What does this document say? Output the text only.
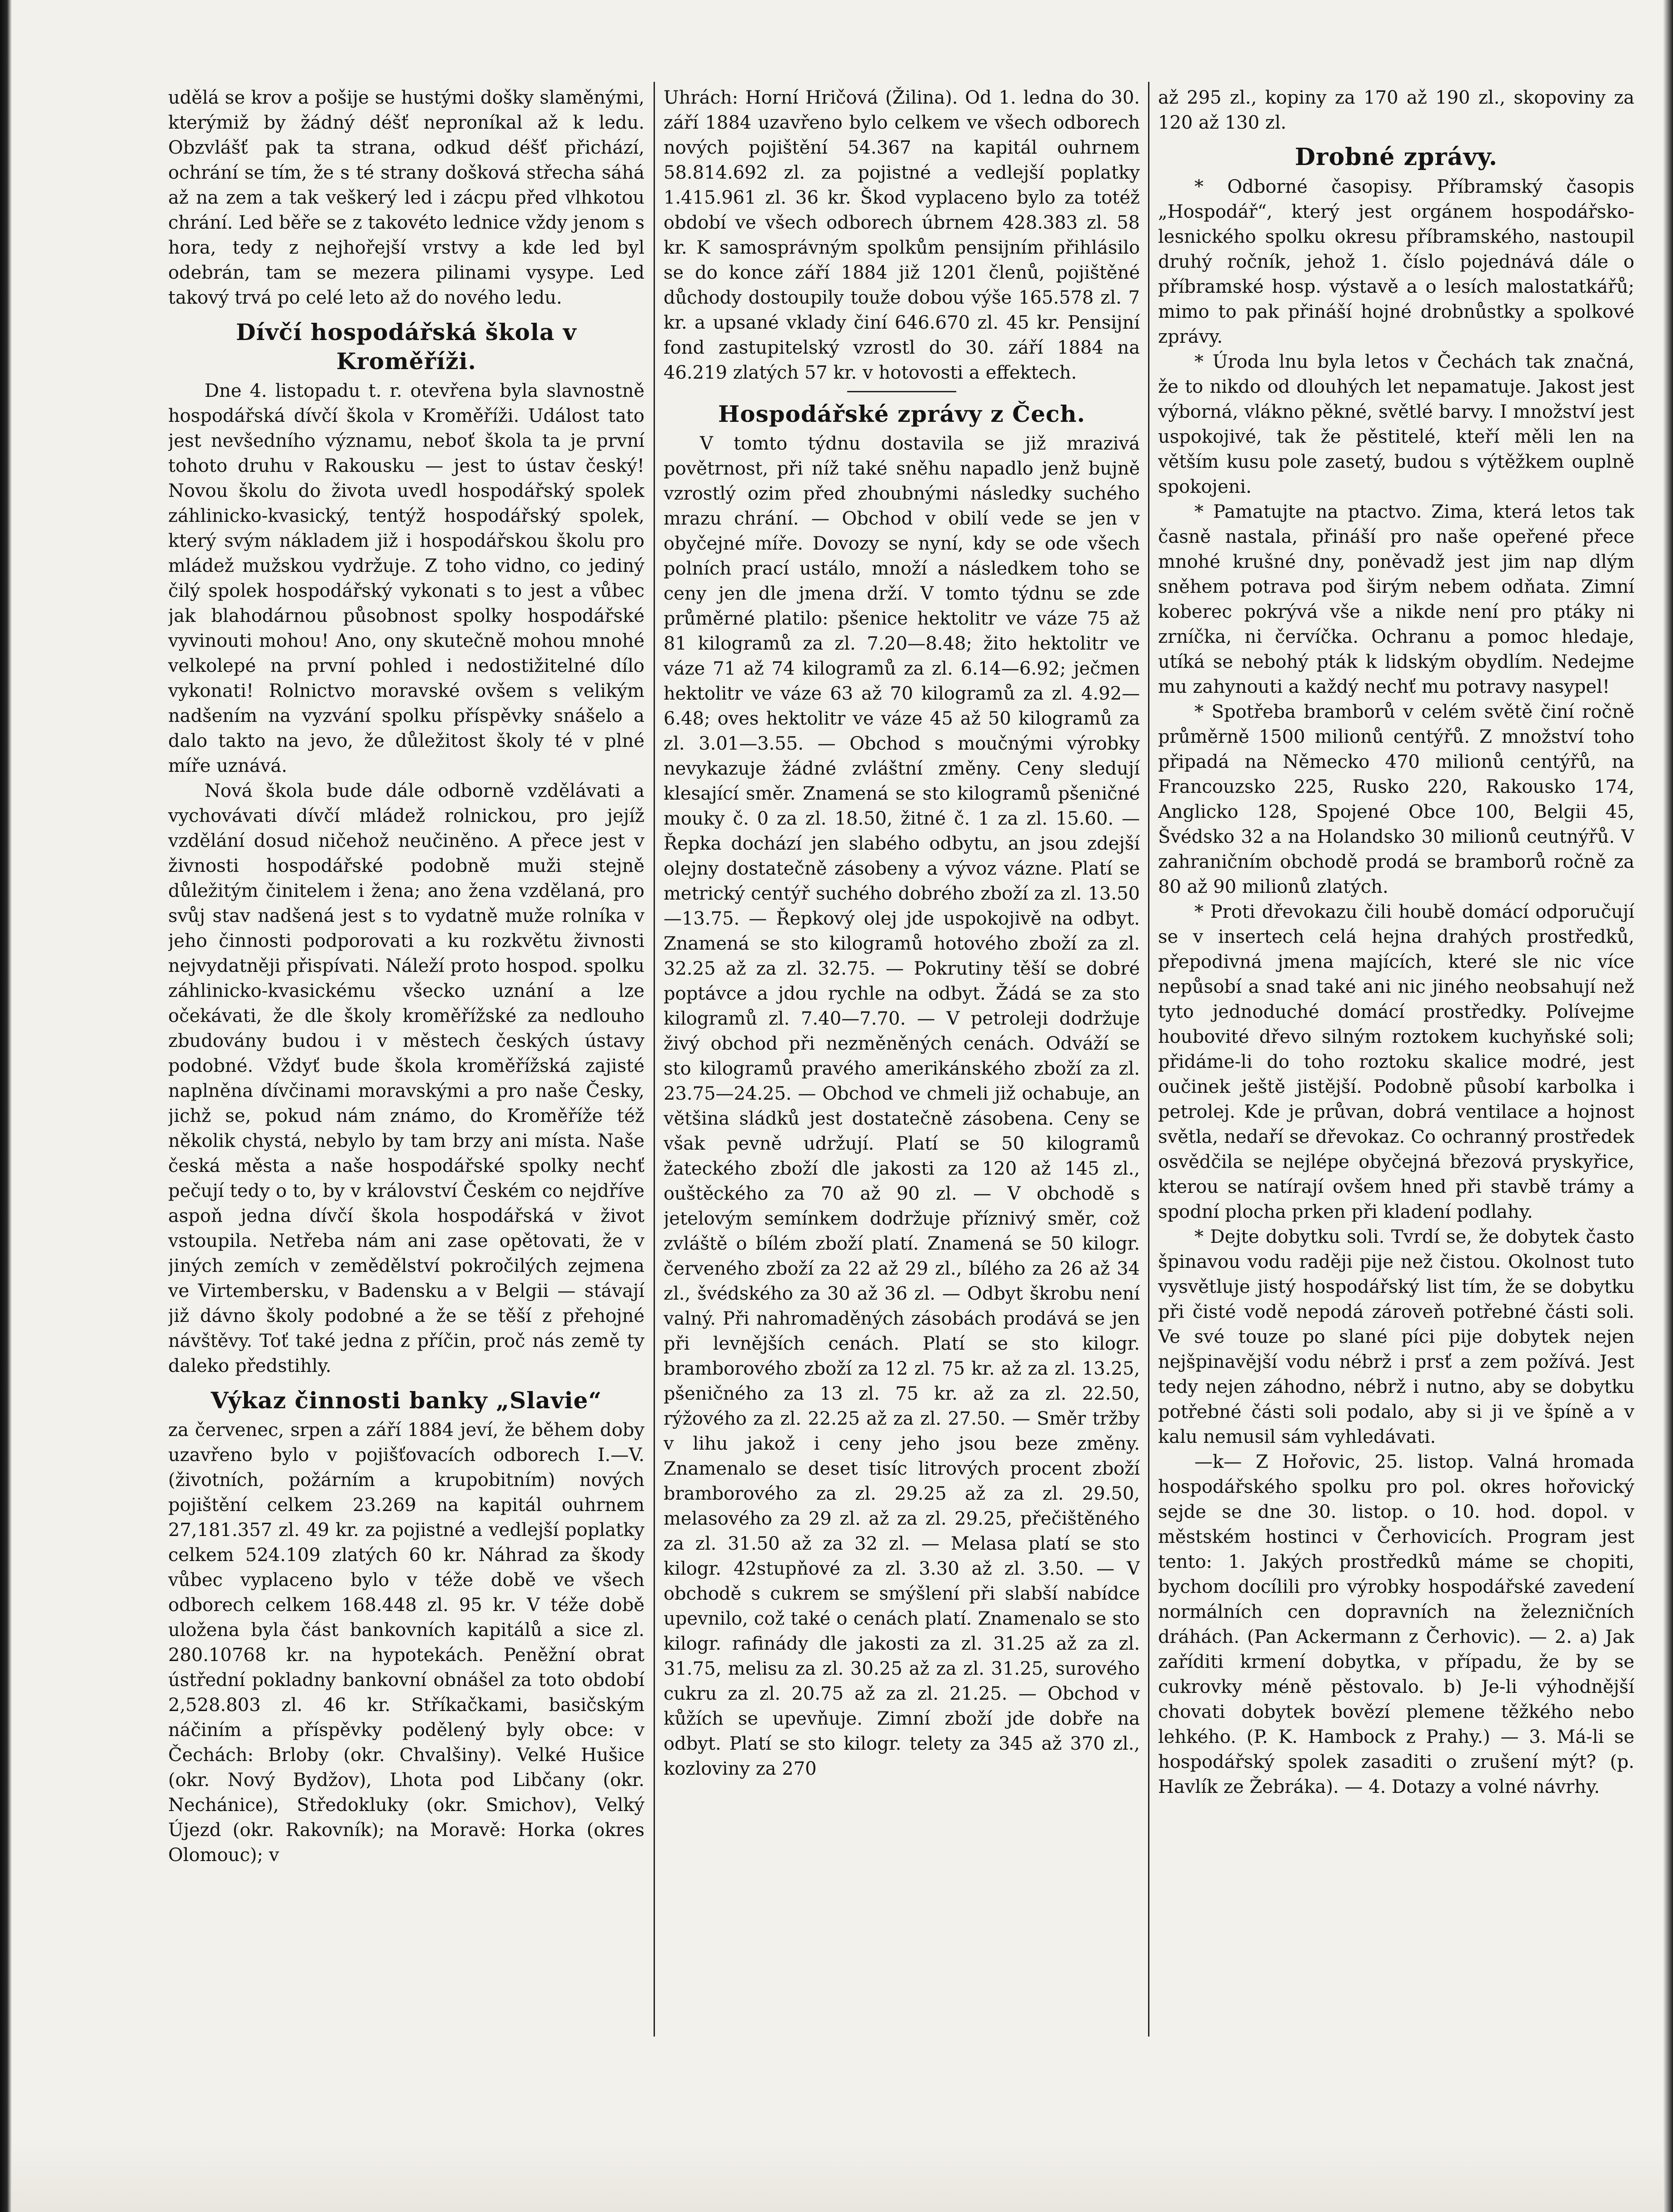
udělá se krov a pošije se hustými došky slaměnými, kterýmiž by žádný déšť neproníkal až k ledu. Obzvlášť pak ta strana, odkud déšť přichází, ochrání se tím, že s té strany došková střecha sáhá až na zem a tak veškerý led i zácpu před vlhkotou chrání. Led běře se z takovéto lednice vždy jenom s hora, tedy z nejhořejší vrstvy a kde led byl odebrán, tam se mezera pilinami vysype. Led takový trvá po celé leto až do nového ledu.

Dívčí hospodářská škola v Kroměříži.

Dne 4. listopadu t. r. otevřena byla slavnostně hospodářská dívčí škola v Kroměříži. Událost tato jest nevšedního významu, neboť škola ta je první tohoto druhu v Rakousku — jest to ústav český! Novou školu do života uvedl hospodářský spolek záhlinicko-kvasický, tentýž hospodářský spolek, který svým nákladem již i hospodářskou školu pro mládež mužskou vydržuje. Z toho vidno, co jediný čilý spolek hospodářský vykonati s to jest a vůbec jak blahodárnou působnost spolky hospodářské vyvinouti mohou! Ano, ony skutečně mohou mnohé velkolepé na první pohled i nedostižitelné dílo vykonati! Rolnictvo moravské ovšem s velikým nadšením na vyzvání spolku příspěvky snášelo a dalo takto na jevo, že důležitost školy té v plné míře uznává.

Nová škola bude dále odborně vzdělávati a vychovávati dívčí mládež rolnickou, pro jejíž vzdělání dosud ničehož neučiněno. A přece jest v živnosti hospodářské podobně muži stejně důležitým činitelem i žena; ano žena vzdělaná, pro svůj stav nadšená jest s to vydatně muže rolníka v jeho činnosti podporovati a ku rozkvětu živnosti nejvydatněji přispívati. Náleží proto hospod. spolku záhlinicko-kvasickému všecko uznání a lze očekávati, že dle školy kroměřížské za nedlouho zbudovány budou i v městech českých ústavy podobné. Vždyť bude škola kroměřížská zajisté naplněna dívčinami moravskými a pro naše Česky, jichž se, pokud nám známo, do Kroměříže též několik chystá, nebylo by tam brzy ani místa. Naše česká města a naše hospodářské spolky nechť pečují tedy o to, by v království Českém co nejdříve aspoň jedna dívčí škola hospodářská v život vstoupila. Netřeba nám ani zase opětovati, že v jiných zemích v zemědělství pokročilých zejmena ve Virtembersku, v Badensku a v Belgii — stávají již dávno školy podobné a že se těší z přehojné návštěvy. Toť také jedna z příčin, proč nás země ty daleko předstihly.

Výkaz činnosti banky „Slavie“

za červenec, srpen a září 1884 jeví, že během doby uzavřeno bylo v pojišťovacích odborech I.—V. (životních, požárním a krupobitním) nových pojištění celkem 23.269 na kapitál ouhrnem 27,181.357 zl. 49 kr. za pojistné a vedlejší poplatky celkem 524.109 zlatých 60 kr. Náhrad za škody vůbec vyplaceno bylo v téže době ve všech odborech celkem 168.448 zl. 95 kr. V téže době uložena byla část bankovních kapitálů a sice zl. 280.10768 kr. na hypotekách. Peněžní obrat ústřední pokladny bankovní obnášel za toto období 2,528.803 zl. 46 kr. Stříkačkami, basičským náčiním a příspěvky podělený byly obce: v Čechách: Brloby (okr. Chvalšiny). Velké Hušice (okr. Nový Bydžov), Lhota pod Libčany (okr. Nechánice), Středokluky (okr. Smichov), Velký Újezd (okr. Rakovník); na Moravě: Horka (okres Olomouc); v

Uhrách: Horní Hričová (Žilina). Od 1. ledna do 30. září 1884 uzavřeno bylo celkem ve všech odborech nových pojištění 54.367 na kapitál ouhrnem 58.814.692 zl. za pojistné a vedlejší poplatky 1.415.961 zl. 36 kr. Škod vyplaceno bylo za totéž období ve všech odborech úbrnem 428.383 zl. 58 kr. K samosprávným spolkům pensijním přihlásilo se do konce září 1884 již 1201 členů, pojištěné důchody dostoupily touže dobou výše 165.578 zl. 7 kr. a upsané vklady činí 646.670 zl. 45 kr. Pensijní fond zastupitelský vzrostl do 30. září 1884 na 46.219 zlatých 57 kr. v hotovosti a effektech.

Hospodářské zprávy z Čech.

V tomto týdnu dostavila se již mrazivá povětrnost, při níž také sněhu napadlo jenž bujně vzrostlý ozim před zhoubnými následky suchého mrazu chrání. — Obchod v obilí vede se jen v obyčejné míře. Dovozy se nyní, kdy se ode všech polních prací ustálo, množí a následkem toho se ceny jen dle jmena drží. V tomto týdnu se zde průměrné platilo: pšenice hektolitr ve váze 75 až 81 kilogramů za zl. 7.20—8.48; žito hektolitr ve váze 71 až 74 kilogramů za zl. 6.14—6.92; ječmen hektolitr ve váze 63 až 70 kilogramů za zl. 4.92—6.48; oves hektolitr ve váze 45 až 50 kilogramů za zl. 3.01—3.55. — Obchod s moučnými výrobky nevykazuje žádné zvláštní změny. Ceny sledují klesající směr. Znamená se sto kilogramů pšeničné mouky č. 0 za zl. 18.50, žitné č. 1 za zl. 15.60. — Řepka dochází jen slabého odbytu, an jsou zdejší olejny dostatečně zásobeny a vývoz vázne. Platí se metrický centýř suchého dobrého zboží za zl. 13.50—13.75. — Řepkový olej jde uspokojivě na odbyt. Znamená se sto kilogramů hotového zboží za zl. 32.25 až za zl. 32.75. — Pokrutiny těší se dobré poptávce a jdou rychle na odbyt. Žádá se za sto kilogramů zl. 7.40—7.70. — V petroleji dodržuje živý obchod při nezměněných cenách. Odváží se sto kilogramů pravého amerikánského zboží za zl. 23.75—24.25. — Obchod ve chmeli již ochabuje, an většina sládků jest dostatečně zásobena. Ceny se však pevně udržují. Platí se 50 kilogramů žateckého zboží dle jakosti za 120 až 145 zl., ouštěckého za 70 až 90 zl. — V obchodě s jetelovým semínkem dodržuje příznivý směr, což zvláště o bílém zboží platí. Znamená se 50 kilogr. červeného zboží za 22 až 29 zl., bílého za 26 až 34 zl., švédského za 30 až 36 zl. — Odbyt škrobu není valný. Při nahromaděných zásobách prodává se jen při levnějších cenách. Platí se sto kilogr. bramborového zboží za 12 zl. 75 kr. až za zl. 13.25, pšeničného za 13 zl. 75 kr. až za zl. 22.50, rýžového za zl. 22.25 až za zl. 27.50. — Směr tržby v lihu jakož i ceny jeho jsou beze změny. Znamenalo se deset tisíc litrových procent zboží bramborového za zl. 29.25 až za zl. 29.50, melasového za 29 zl. až za zl. 29.25, přečištěného za zl. 31.50 až za 32 zl. — Melasa platí se sto kilogr. 42stupňové za zl. 3.30 až zl. 3.50. — V obchodě s cukrem se smýšlení při slabší nabídce upevnilo, což také o cenách platí. Znamenalo se sto kilogr. rafinády dle jakosti za zl. 31.25 až za zl. 31.75, melisu za zl. 30.25 až za zl. 31.25, surového cukru za zl. 20.75 až za zl. 21.25. — Obchod v kůžích se upevňuje. Zimní zboží jde dobře na odbyt. Platí se sto kilogr. telety za 345 až 370 zl., kozloviny za 270

až 295 zl., kopiny za 170 až 190 zl., skopoviny za 120 až 130 zl.

Drobné zprávy.

* Odborné časopisy. Příbramský časopis „Hospodář“, který jest orgánem hospodářsko-lesnického spolku okresu příbramského, nastoupil druhý ročník, jehož 1. číslo pojednává dále o příbramské hosp. výstavě a o lesích malostatkářů; mimo to pak přináší hojné drobnůstky a spolkové zprávy.

* Úroda lnu byla letos v Čechách tak značná, že to nikdo od dlouhých let nepamatuje. Jakost jest výborná, vlákno pěkné, světlé barvy. I množství jest uspokojivé, tak že pěstitelé, kteří měli len na větším kusu pole zasetý, budou s výtěžkem ouplně spokojeni.

* Pamatujte na ptactvo. Zima, která letos tak časně nastala, přináší pro naše opeřené přece mnohé krušné dny, poněvadž jest jim nap dlým sněhem potrava pod širým nebem odňata. Zimní koberec pokrývá vše a nikde není pro ptáky ni zrníčka, ni červíčka. Ochranu a pomoc hledaje, utíká se nebohý pták k lidským obydlím. Nedejme mu zahynouti a každý nechť mu potravy nasypel!

* Spotřeba bramborů v celém světě činí ročně průměrně 1500 milionů centýřů. Z množství toho připadá na Německo 470 milionů centýřů, na Francouzsko 225, Rusko 220, Rakousko 174, Anglicko 128, Spojené Obce 100, Belgii 45, Švédsko 32 a na Holandsko 30 milionů ceutnýřů. V zahraničním obchodě prodá se bramborů ročně za 80 až 90 milionů zlatých.

* Proti dřevokazu čili houbě domácí odporučují se v insertech celá hejna drahých prostředků, přepodivná jmena majících, které sle nic více nepůsobí a snad také ani nic jiného neobsahují než tyto jednoduché domácí prostředky. Polívejme houbovité dřevo silným roztokem kuchyňské soli; přidáme-li do toho roztoku skalice modré, jest oučinek ještě jistější. Podobně působí karbolka i petrolej. Kde je průvan, dobrá ventilace a hojnost světla, nedaří se dřevokaz. Co ochranný prostředek osvědčila se nejlépe obyčejná březová pryskyřice, kterou se natírají ovšem hned při stavbě trámy a spodní plocha prken při kladení podlahy.

* Dejte dobytku soli. Tvrdí se, že dobytek často špinavou vodu raději pije než čistou. Okolnost tuto vysvětluje jistý hospodářský list tím, že se dobytku při čisté vodě nepodá zároveň potřebné části soli. Ve své touze po slané píci pije dobytek nejen nejšpinavější vodu nébrž i prsť a zem požívá. Jest tedy nejen záhodno, nébrž i nutno, aby se dobytku potřebné části soli podalo, aby si ji ve špíně a v kalu nemusil sám vyhledávati.

—k— Z Hořovic, 25. listop. Valná hromada hospodářského spolku pro pol. okres hořovický sejde se dne 30. listop. o 10. hod. dopol. v městském hostinci v Čerhovicích. Program jest tento: 1. Jakých prostředků máme se chopiti, bychom docílili pro výrobky hospodářské zavedení normálních cen dopravních na železničních dráhách. (Pan Ackermann z Čerhovic). — 2. a) Jak zaříditi krmení dobytka, v případu, že by se cukrovky méně pěstovalo. b) Je-li výhodnější chovati dobytek bovězí plemene těžkého nebo lehkého. (P. K. Hambock z Prahy.) — 3. Má-li se hospodářský spolek zasaditi o zrušení mýt? (p. Havlík ze Žebráka). — 4. Dotazy a volné návrhy.
